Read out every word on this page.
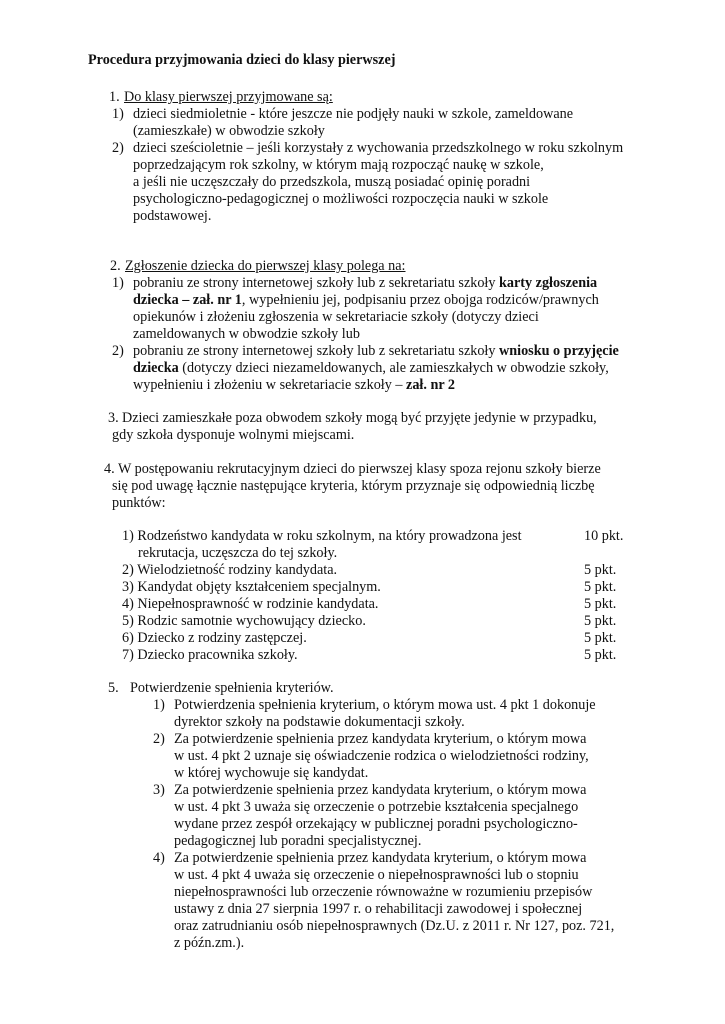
Procedura przyjmowania dzieci do klasy pierwszej
1. Do klasy pierwszej przyjmowane są:
1) dzieci siedmioletnie - które jeszcze nie podjęły nauki w szkole, zameldowane
(zamieszkałe) w obwodzie szkoły
2) dzieci sześcioletnie – jeśli korzystały z wychowania przedszkolnego w roku szkolnym
poprzedzającym rok szkolny, w którym mają rozpocząć naukę w szkole,
a jeśli nie uczęszczały do przedszkola, muszą posiadać opinię poradni
psychologiczno-pedagogicznej o możliwości rozpoczęcia nauki w szkole
podstawowej.
2. Zgłoszenie dziecka do pierwszej klasy polega na:
1) pobraniu ze strony internetowej szkoły lub z sekretariatu szkoły karty zgłoszenia
dziecka – zał. nr 1, wypełnieniu jej, podpisaniu przez obojga rodziców/prawnych
opiekunów i złożeniu zgłoszenia w sekretariacie szkoły (dotyczy dzieci
zameldowanych w obwodzie szkoły lub
2) pobraniu ze strony internetowej szkoły lub z sekretariatu szkoły wniosku o przyjęcie
dziecka (dotyczy dzieci niezameldowanych, ale zamieszkałych w obwodzie szkoły,
wypełnieniu i złożeniu w sekretariacie szkoły – zał. nr 2
3. Dzieci zamieszkałe poza obwodem szkoły mogą być przyjęte jedynie w przypadku,
gdy szkoła dysponuje wolnymi miejscami.
4. W postępowaniu rekrutacyjnym dzieci do pierwszej klasy spoza rejonu szkoły bierze
się pod uwagę łącznie następujące kryteria, którym przyznaje się odpowiednią liczbę
punktów:
1) Rodzeństwo kandydata w roku szkolnym, na który prowadzona jest	10 pkt.
rekrutacja, uczęszcza do tej szkoły.
2) Wielodzietność rodziny kandydata.	5 pkt.
3) Kandydat objęty kształceniem specjalnym.	5 pkt.
4) Niepełnosprawność w rodzinie kandydata.	5 pkt.
5) Rodzic samotnie wychowujący dziecko.	5 pkt.
6) Dziecko z rodziny zastępczej.	5 pkt.
7) Dziecko pracownika szkoły.	5 pkt.
5. Potwierdzenie spełnienia kryteriów.
1) Potwierdzenia spełnienia kryterium, o którym mowa ust. 4 pkt 1 dokonuje
dyrektor szkoły na podstawie dokumentacji szkoły.
2) Za potwierdzenie spełnienia przez kandydata kryterium, o którym mowa
w ust. 4 pkt 2 uznaje się oświadczenie rodzica o wielodzietności rodziny,
w której wychowuje się kandydat.
3) Za potwierdzenie spełnienia przez kandydata kryterium, o którym mowa
w ust. 4 pkt 3 uważa się orzeczenie o potrzebie kształcenia specjalnego
wydane przez zespół orzekający w publicznej poradni psychologiczno-
pedagogicznej lub poradni specjalistycznej.
4) Za potwierdzenie spełnienia przez kandydata kryterium, o którym mowa
w ust. 4 pkt 4 uważa się orzeczenie o niepełnosprawności lub o stopniu
niepełnosprawności lub orzeczenie równoważne w rozumieniu przepisów
ustawy z dnia 27 sierpnia 1997 r. o rehabilitacji zawodowej i społecznej
oraz zatrudnianiu osób niepełnosprawnych (Dz.U. z 2011 r. Nr 127, poz. 721,
z późn.zm.).
